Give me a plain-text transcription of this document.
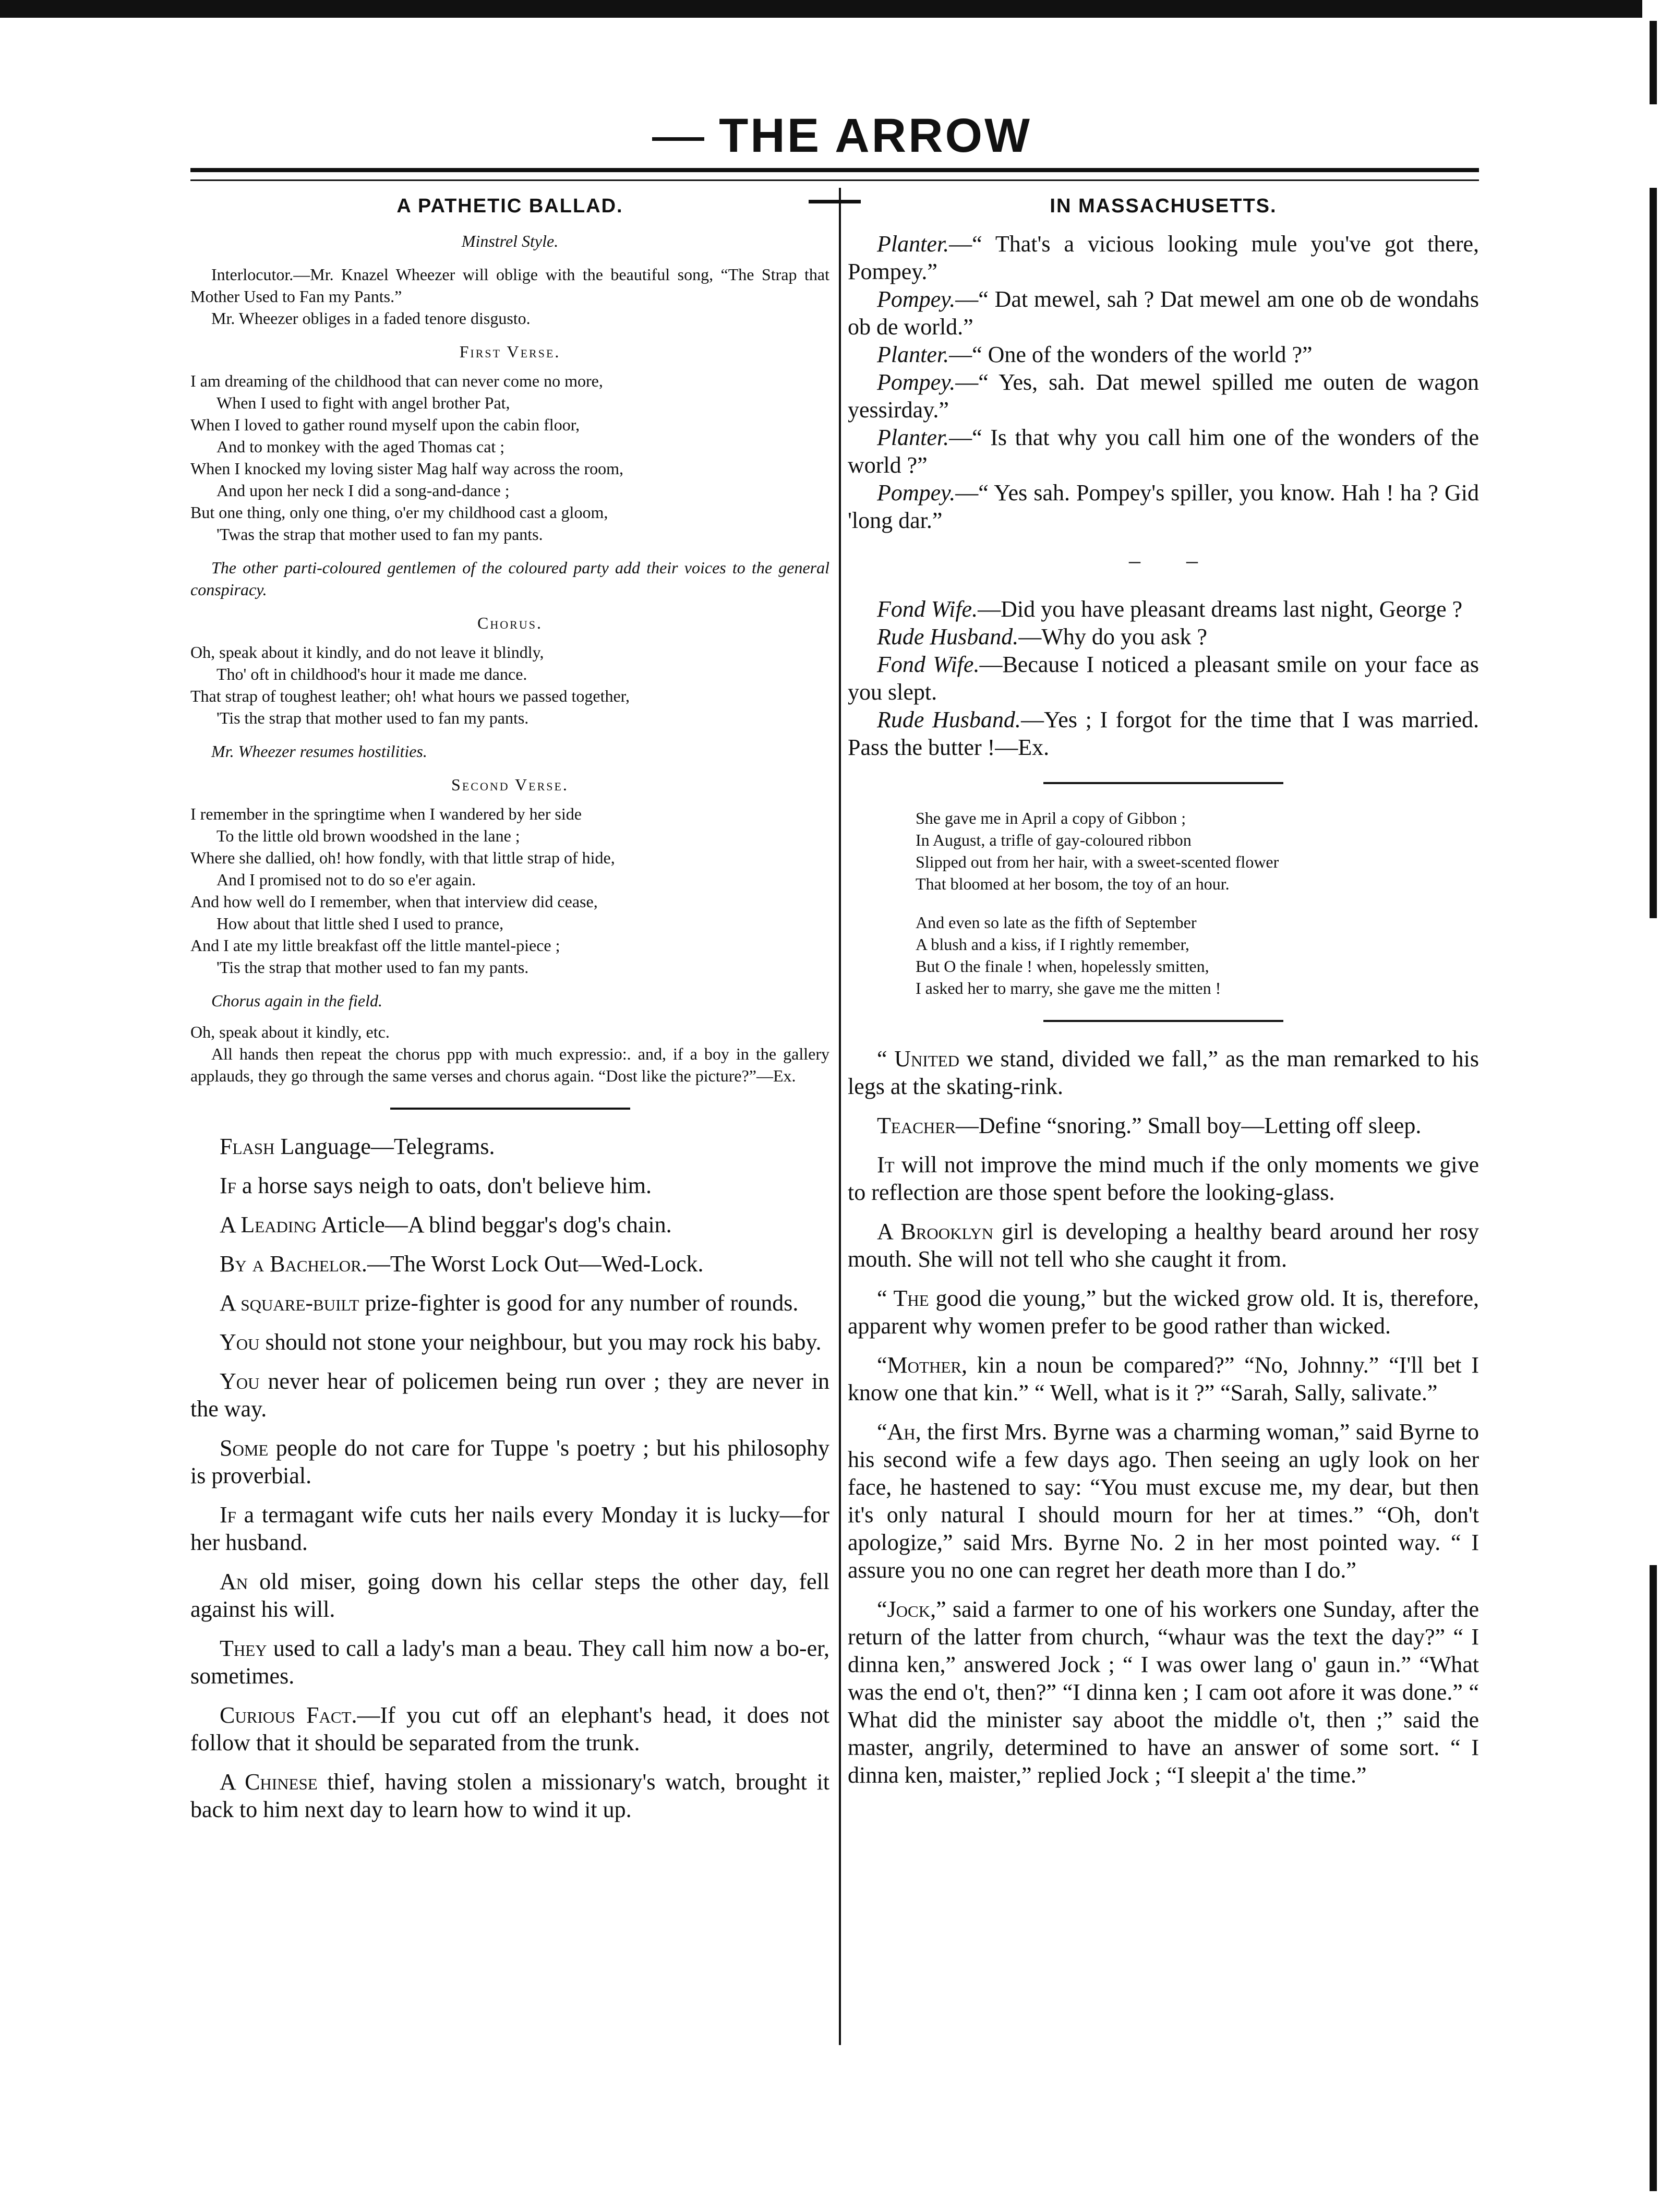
THE ARROW
A PATHETIC BALLAD.
Minstrel Style.

Interlocutor.—Mr. Knazel Wheezer will oblige with the beautiful song, “The Strap that Mother Used to Fan my Pants.”

Mr. Wheezer obliges in a faded tenore disgusto.

First Verse.

I am dreaming of the childhood that can never come no more,

When I used to fight with angel brother Pat,

When I loved to gather round myself upon the cabin floor,

And to monkey with the aged Thomas cat ;

When I knocked my loving sister Mag half way across the room,

And upon her neck I did a song-and-dance ;

But one thing, only one thing, o'er my childhood cast a gloom,

'Twas the strap that mother used to fan my pants.

The other parti-coloured gentlemen of the coloured party add their voices to the general conspiracy.

Chorus.

Oh, speak about it kindly, and do not leave it blindly,

Tho' oft in childhood's hour it made me dance.

That strap of toughest leather; oh! what hours we passed together,

'Tis the strap that mother used to fan my pants.

Mr. Wheezer resumes hostilities.

Second Verse.

I remember in the springtime when I wandered by her side

To the little old brown woodshed in the lane ;

Where she dallied, oh! how fondly, with that little strap of hide,

And I promised not to do so e'er again.

And how well do I remember, when that interview did cease,

How about that little shed I used to prance,

And I ate my little breakfast off the little mantel-piece ;

'Tis the strap that mother used to fan my pants.

Chorus again in the field.

Oh, speak about it kindly, etc.

All hands then repeat the chorus ppp with much expressio:. and, if a boy in the gallery applauds, they go through the same verses and chorus again. “Dost like the picture?”—Ex.

Flash Language—Telegrams.

If a horse says neigh to oats, don't believe him.

A Leading Article—A blind beggar's dog's chain.

By a Bachelor.—The Worst Lock Out—Wed-Lock.

A square-built prize-fighter is good for any number of rounds.

You should not stone your neighbour, but you may rock his baby.

You never hear of policemen being run over ; they are never in the way.

Some people do not care for Tuppe 's poetry ; but his philosophy is proverbial.

If a termagant wife cuts her nails every Monday it is lucky—for her husband.

An old miser, going down his cellar steps the other day, fell against his will.

They used to call a lady's man a beau. They call him now a bo-er, sometimes.

Curious Fact.—If you cut off an elephant's head, it does not follow that it should be separated from the trunk.

A Chinese thief, having stolen a missionary's watch, brought it back to him next day to learn how to wind it up.

IN MASSACHUSETTS.

Planter.—“ That's a vicious looking mule you've got there, Pompey.”

Pompey.—“ Dat mewel, sah ? Dat mewel am one ob de wondahs ob de world.”

Planter.—“ One of the wonders of the world ?”

Pompey.—“ Yes, sah. Dat mewel spilled me outen de wagon yessirday.”

Planter.—“ Is that why you call him one of the wonders of the world ?”

Pompey.—“ Yes sah. Pompey's spiller, you know. Hah ! ha ? Gid 'long dar.”

–        –

Fond Wife.—Did you have pleasant dreams last night, George ?

Rude Husband.—Why do you ask ?

Fond Wife.—Because I noticed a pleasant smile on your face as you slept.

Rude Husband.—Yes ; I forgot for the time that I was married. Pass the butter !—Ex.

She gave me in April a copy of Gibbon ;

In August, a trifle of gay-coloured ribbon

Slipped out from her hair, with a sweet-scented flower

That bloomed at her bosom, the toy of an hour.

And even so late as the fifth of September

A blush and a kiss, if I rightly remember,

But O the finale ! when, hopelessly smitten,

I asked her to marry, she gave me the mitten !

“ United we stand, divided we fall,” as the man remarked to his legs at the skating-rink.

Teacher—Define “snoring.” Small boy—Letting off sleep.

It will not improve the mind much if the only moments we give to reflection are those spent before the looking-glass.

A Brooklyn girl is developing a healthy beard around her rosy mouth. She will not tell who she caught it from.

“ The good die young,” but the wicked grow old. It is, therefore, apparent why women prefer to be good rather than wicked.

“Mother, kin a noun be compared?” “No, Johnny.” “I'll bet I know one that kin.” “ Well, what is it ?” “Sarah, Sally, salivate.”

“Ah, the first Mrs. Byrne was a charming woman,” said Byrne to his second wife a few days ago. Then seeing an ugly look on her face, he hastened to say: “You must excuse me, my dear, but then it's only natural I should mourn for her at times.” “Oh, don't apologize,” said Mrs. Byrne No. 2 in her most pointed way. “ I assure you no one can regret her death more than I do.”

“Jock,” said a farmer to one of his workers one Sunday, after the return of the latter from church, “whaur was the text the day?” “ I dinna ken,” answered Jock ; “ I was ower lang o' gaun in.” “What was the end o't, then?” “I dinna ken ; I cam oot afore it was done.” “ What did the minister say aboot the middle o't, then ;” said the master, angrily, determined to have an answer of some sort. “ I dinna ken, maister,” replied Jock ; “I sleepit a' the time.”
